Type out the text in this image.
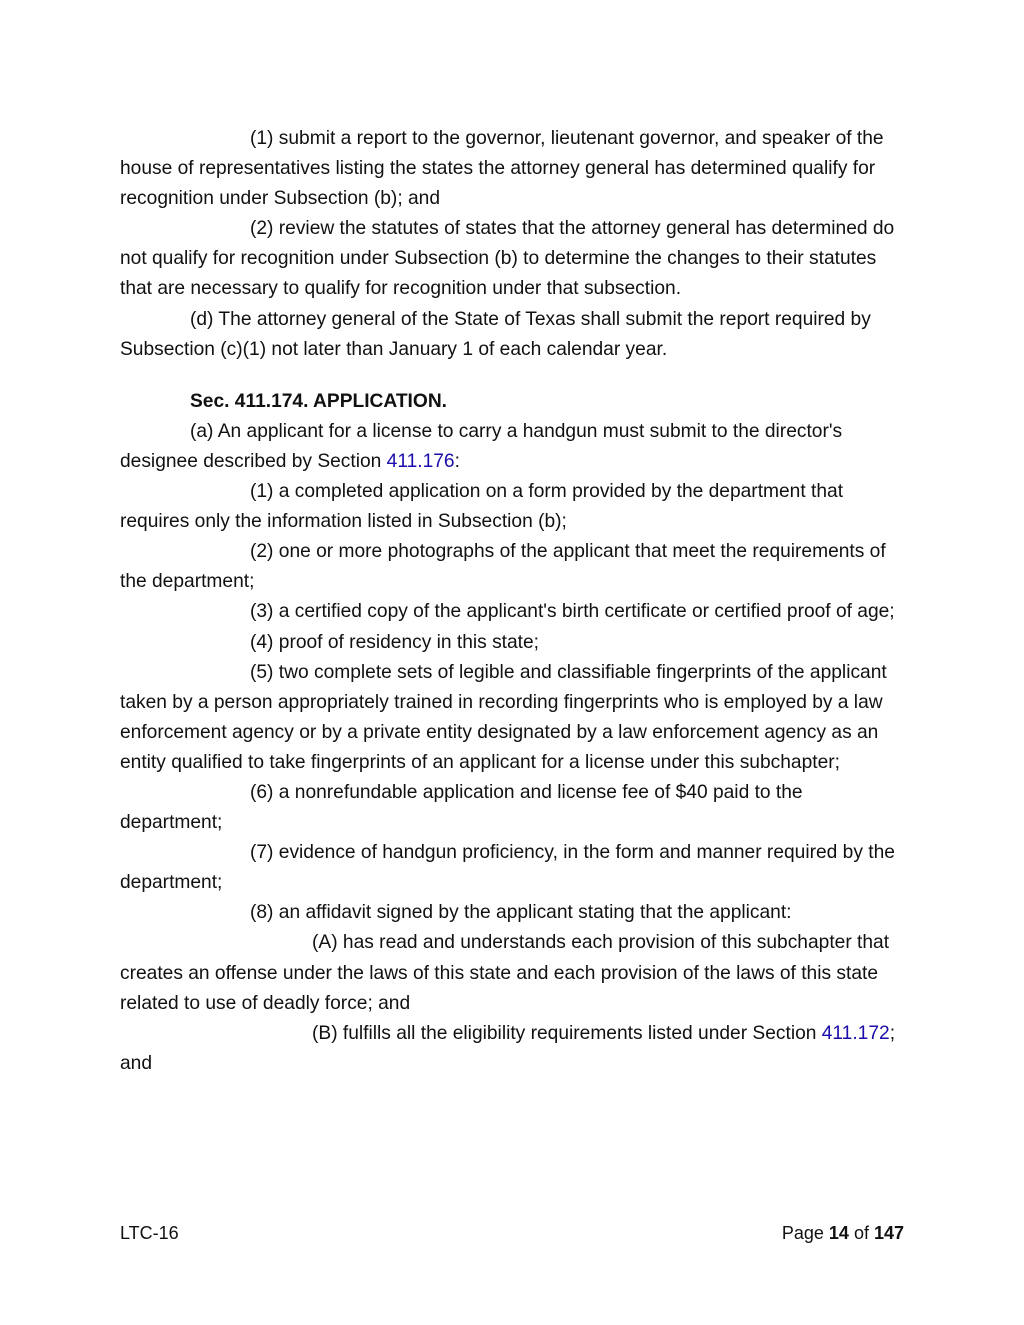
(1) submit a report to the governor, lieutenant governor, and speaker of the house of representatives listing the states the attorney general has determined qualify for recognition under Subsection (b); and

(2) review the statutes of states that the attorney general has determined do not qualify for recognition under Subsection (b) to determine the changes to their statutes that are necessary to qualify for recognition under that subsection.

(d) The attorney general of the State of Texas shall submit the report required by Subsection (c)(1) not later than January 1 of each calendar year.

Sec. 411.174. APPLICATION.

(a) An applicant for a license to carry a handgun must submit to the director's designee described by Section 411.176:

(1) a completed application on a form provided by the department that requires only the information listed in Subsection (b);

(2) one or more photographs of the applicant that meet the requirements of the department;

(3) a certified copy of the applicant's birth certificate or certified proof of age;

(4) proof of residency in this state;

(5) two complete sets of legible and classifiable fingerprints of the applicant taken by a person appropriately trained in recording fingerprints who is employed by a law enforcement agency or by a private entity designated by a law enforcement agency as an entity qualified to take fingerprints of an applicant for a license under this subchapter;

(6) a nonrefundable application and license fee of $40 paid to the department;

(7) evidence of handgun proficiency, in the form and manner required by the department;

(8) an affidavit signed by the applicant stating that the applicant:

(A) has read and understands each provision of this subchapter that creates an offense under the laws of this state and each provision of the laws of this state related to use of deadly force; and

(B) fulfills all the eligibility requirements listed under Section 411.172; and

LTC-16	Page 14 of 147
